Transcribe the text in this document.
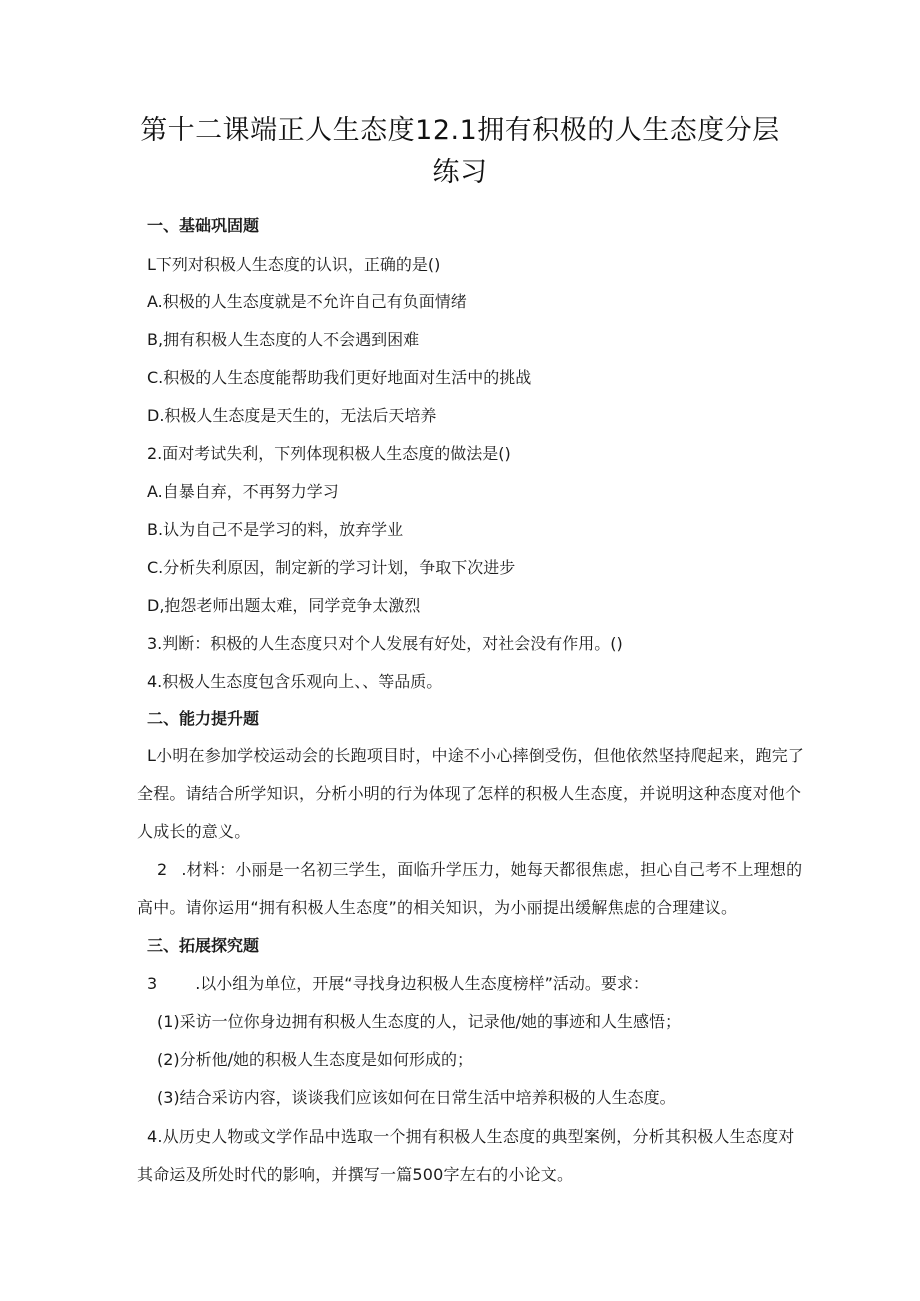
第十二课端正人生态度12.1拥有积极的人生态度分层练习
一、基础巩固题
L下列对积极人生态度的认识，正确的是()
A.积极的人生态度就是不允许自己有负面情绪
B,拥有积极人生态度的人不会遇到困难
C.积极的人生态度能帮助我们更好地面对生活中的挑战
D.积极人生态度是天生的，无法后天培养
2.面对考试失利，下列体现积极人生态度的做法是()
A.自暴自弃，不再努力学习
B.认为自己不是学习的料，放弃学业
C.分析失利原因，制定新的学习计划，争取下次进步
D,抱怨老师出题太难，同学竞争太激烈
3.判断：积极的人生态度只对个人发展有好处，对社会没有作用。()
4.积极人生态度包含乐观向上、、等品质。
二、能力提升题
L小明在参加学校运动会的长跑项目时，中途不小心摔倒受伤，但他依然坚持爬起来，跑完了全程。请结合所学知识，分析小明的行为体现了怎样的积极人生态度，并说明这种态度对他个人成长的意义。
2 .材料：小丽是一名初三学生，面临升学压力，她每天都很焦虑，担心自己考不上理想的高中。请你运用“拥有积极人生态度”的相关知识，为小丽提出缓解焦虑的合理建议。
三、拓展探究题
3 .以小组为单位，开展“寻找身边积极人生态度榜样”活动。要求：
(1)采访一位你身边拥有积极人生态度的人，记录他/她的事迹和人生感悟；
(2)分析他/她的积极人生态度是如何形成的；
(3)结合采访内容，谈谈我们应该如何在日常生活中培养积极的人生态度。
4.从历史人物或文学作品中选取一个拥有积极人生态度的典型案例，分析其积极人生态度对其命运及所处时代的影响，并撰写一篇500字左右的小论文。
